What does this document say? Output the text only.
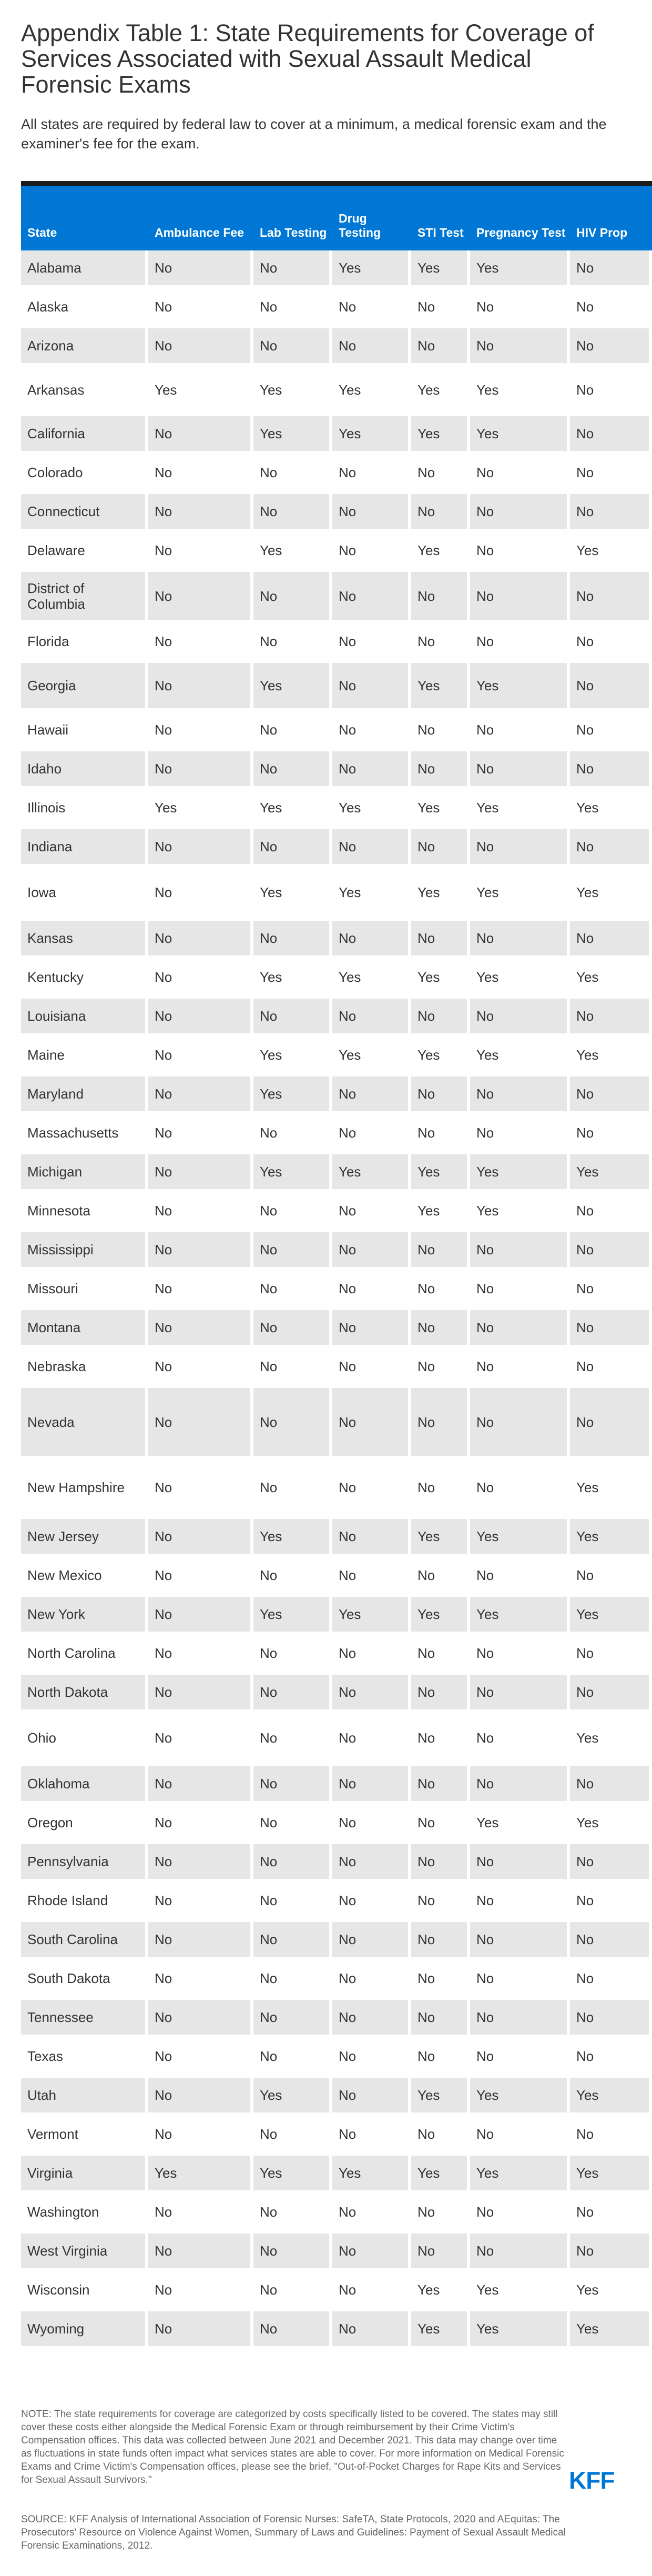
Appendix Table 1: State Requirements for Coverage of Services Associated with Sexual Assault Medical Forensic Exams

All states are required by federal law to cover at a minimum, a medical forensic exam and the examiner's fee for the exam.

State	Ambulance Fee	Lab Testing	Drug Testing	STI Test	Pregnancy Test	HIV Prop
Alabama	No	No	Yes	Yes	Yes	No
Alaska	No	No	No	No	No	No
Arizona	No	No	No	No	No	No
Arkansas	Yes	Yes	Yes	Yes	Yes	No
California	No	Yes	Yes	Yes	Yes	No
Colorado	No	No	No	No	No	No
Connecticut	No	No	No	No	No	No
Delaware	No	Yes	No	Yes	No	Yes
District of Columbia	No	No	No	No	No	No
Florida	No	No	No	No	No	No
Georgia	No	Yes	No	Yes	Yes	No
Hawaii	No	No	No	No	No	No
Idaho	No	No	No	No	No	No
Illinois	Yes	Yes	Yes	Yes	Yes	Yes
Indiana	No	No	No	No	No	No
Iowa	No	Yes	Yes	Yes	Yes	Yes
Kansas	No	No	No	No	No	No
Kentucky	No	Yes	Yes	Yes	Yes	Yes
Louisiana	No	No	No	No	No	No
Maine	No	Yes	Yes	Yes	Yes	Yes
Maryland	No	Yes	No	No	No	No
Massachusetts	No	No	No	No	No	No
Michigan	No	Yes	Yes	Yes	Yes	Yes
Minnesota	No	No	No	Yes	Yes	No
Mississippi	No	No	No	No	No	No
Missouri	No	No	No	No	No	No
Montana	No	No	No	No	No	No
Nebraska	No	No	No	No	No	No
Nevada	No	No	No	No	No	No
New Hampshire	No	No	No	No	No	Yes
New Jersey	No	Yes	No	Yes	Yes	Yes
New Mexico	No	No	No	No	No	No
New York	No	Yes	Yes	Yes	Yes	Yes
North Carolina	No	No	No	No	No	No
North Dakota	No	No	No	No	No	No
Ohio	No	No	No	No	No	Yes
Oklahoma	No	No	No	No	No	No
Oregon	No	No	No	No	Yes	Yes
Pennsylvania	No	No	No	No	No	No
Rhode Island	No	No	No	No	No	No
South Carolina	No	No	No	No	No	No
South Dakota	No	No	No	No	No	No
Tennessee	No	No	No	No	No	No
Texas	No	No	No	No	No	No
Utah	No	Yes	No	Yes	Yes	Yes
Vermont	No	No	No	No	No	No
Virginia	Yes	Yes	Yes	Yes	Yes	Yes
Washington	No	No	No	No	No	No
West Virginia	No	No	No	No	No	No
Wisconsin	No	No	No	Yes	Yes	Yes
Wyoming	No	No	No	Yes	Yes	Yes

NOTE: The state requirements for coverage are categorized by costs specifically listed to be covered. The states may still cover these costs either alongside the Medical Forensic Exam or through reimbursement by their Crime Victim's Compensation offices. This data was collected between June 2021 and December 2021. This data may change over time as fluctuations in state funds often impact what services states are able to cover. For more information on Medical Forensic Exams and Crime Victim's Compensation offices, please see the brief, "Out-of-Pocket Charges for Rape Kits and Services for Sexual Assault Survivors."	KFF

SOURCE: KFF Analysis of International Association of Forensic Nurses: SafeTA, State Protocols, 2020 and AEquitas: The Prosecutors' Resource on Violence Against Women, Summary of Laws and Guidelines: Payment of Sexual Assault Medical Forensic Examinations, 2012.
